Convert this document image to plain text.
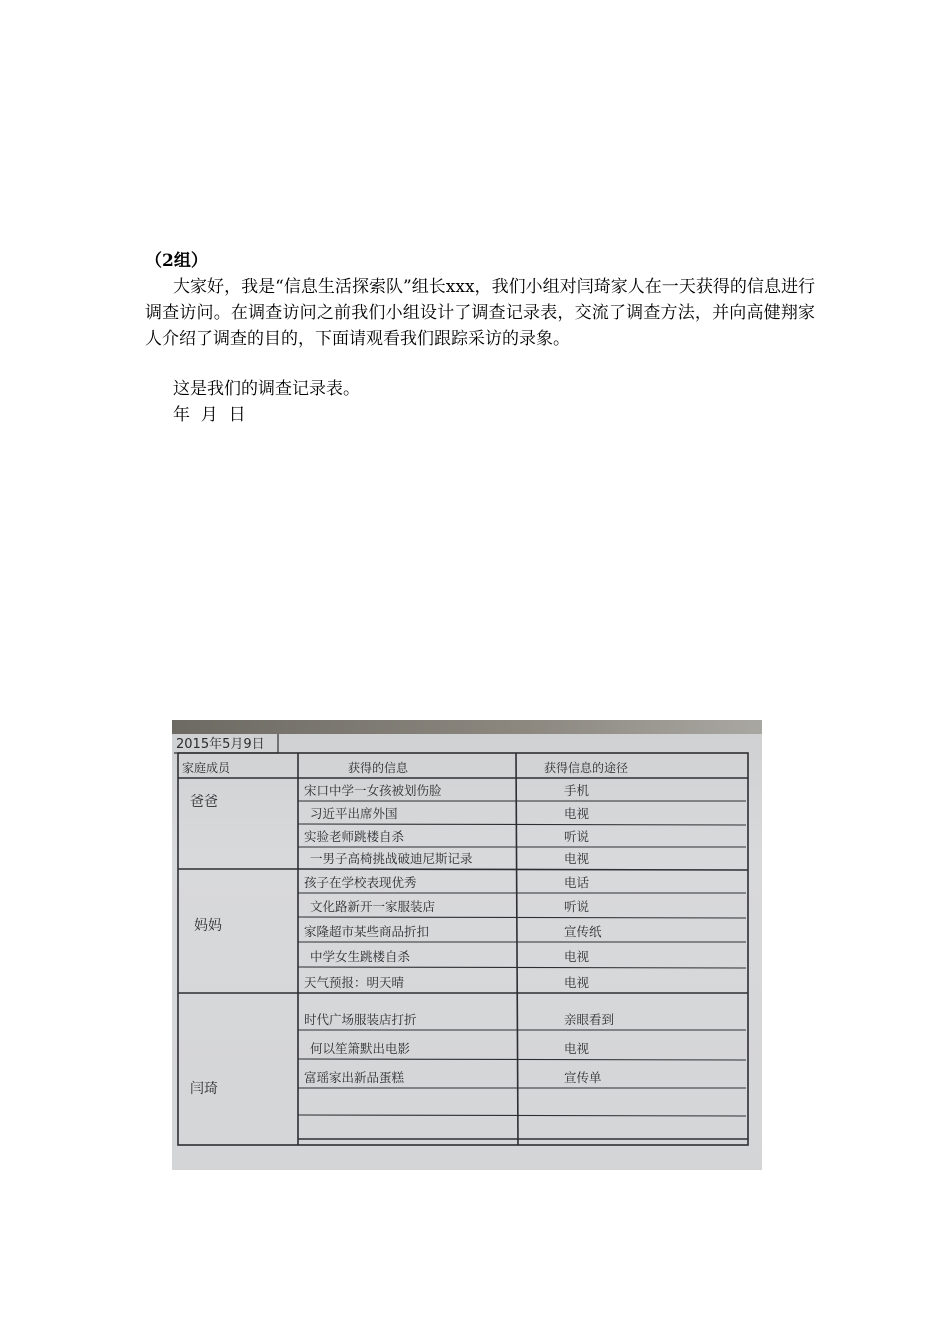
（2组）

大家好，我是“信息生活探索队”组长xxx，我们小组对闫琦家人在一天获得的信息进行调查访问。在调查访问之前我们小组设计了调查记录表，交流了调查方法，并向高健翔家人介绍了调查的目的，下面请观看我们跟踪采访的录象。

这是我们的调查记录表。

年  月  日

2015年5月9日
家庭成员	获得的信息	获得信息的途径
爸爸
宋口中学一女孩被划伤脸	手机
习近平出席外国	电视
实验老师跳楼自杀	听说
一男子高椅挑战破迪尼斯记录	电视
妈妈
孩子在学校表现优秀	电话
文化路新开一家服装店	听说
家隆超市某些商品折扣	宣传纸
中学女生跳楼自杀	电视
天气预报：明天晴	电视
闫琦
时代广场服装店打折	亲眼看到
何以笙箫默出电影	电视
富瑶家出新品蛋糕	宣传单
